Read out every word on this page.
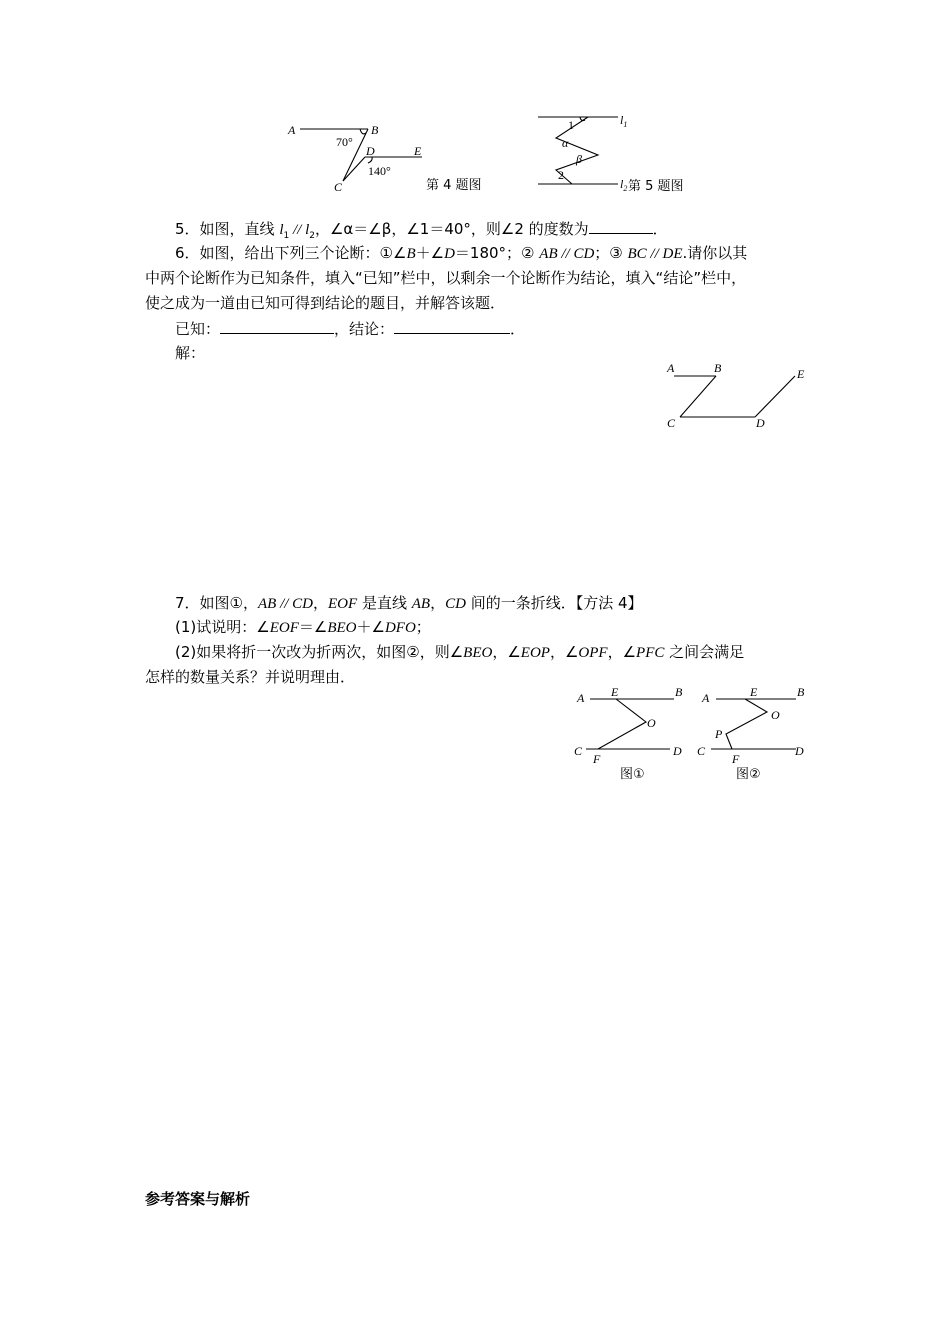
A	B
C
D	E
70°
140°
第 4 题图
$l_1$
$l_2$
1
α
β
2
第 5 题图
5．如图，直线 $l_1 // l_2$，∠α＝∠β，∠1＝40°，则∠2 的度数为	．
6．如图，给出下列三个论断：①∠B＋∠D＝180°；② AB // CD；③ BC // DE.请你以其
中两个论断作为已知条件，填入“已知”栏中，以剩余一个论断作为结论，填入“结论”栏中，
使之成为一道由已知可得到结论的题目，并解答该题．
已知：	，结论：	．
解：
A	B
C	D
E
7．如图①，AB // CD，EOF 是直线 AB，CD 间的一条折线．【方法 4】
(1)试说明：∠EOF＝∠BEO＋∠DFO；
(2)如果将折一次改为折两次，如图②，则∠BEO，∠EOP，∠OPF，∠PFC 之间会满足
怎样的数量关系？并说明理由．
A E	B
O
C
F
D
图①
A	E	B
O
P
C
F
D
图②
参考答案与解析
